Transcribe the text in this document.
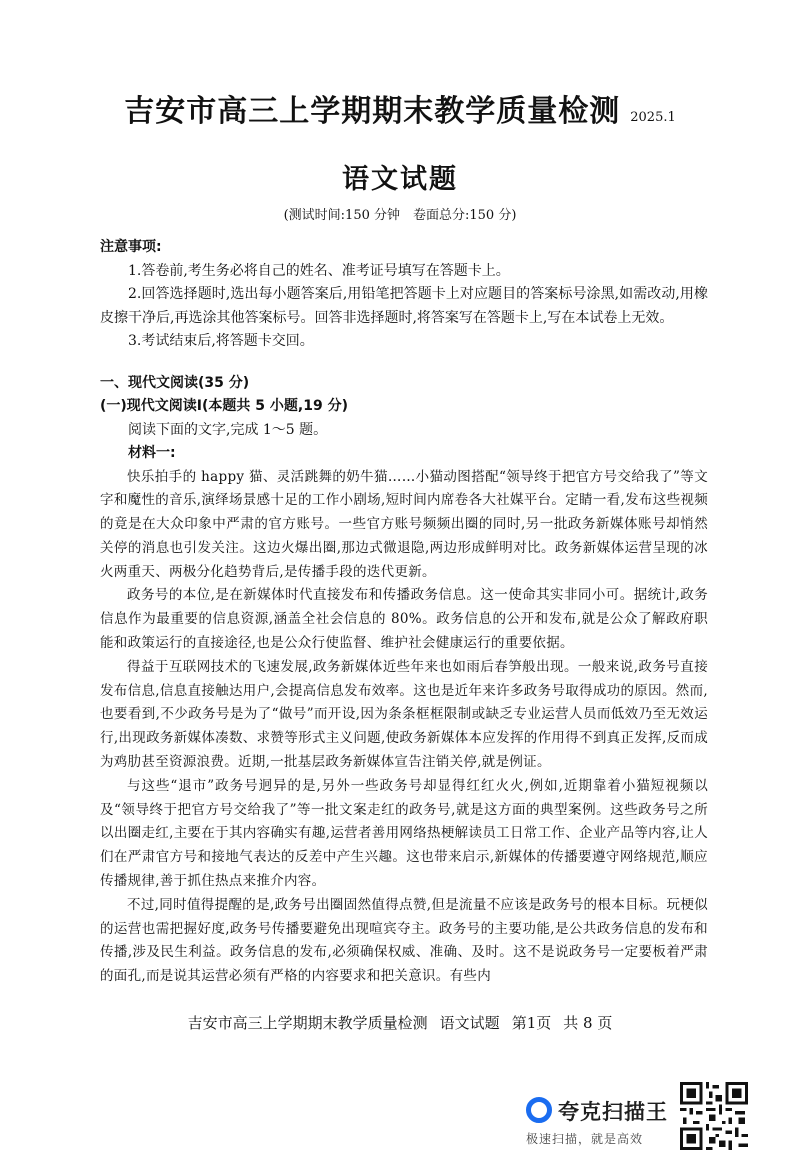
吉安市高三上学期期末教学质量检测 2025.1
语文试题
(测试时间:150 分钟　卷面总分:150 分)

注意事项:

1.答卷前,考生务必将自己的姓名、准考证号填写在答题卡上。

2.回答选择题时,选出每小题答案后,用铅笔把答题卡上对应题目的答案标号涂黑,如需改动,用橡皮擦干净后,再选涂其他答案标号。回答非选择题时,将答案写在答题卡上,写在本试卷上无效。

3.考试结束后,将答题卡交回。

一、现代文阅读(35 分)

(一)现代文阅读Ⅰ(本题共 5 小题,19 分)

阅读下面的文字,完成 1～5 题。

材料一:

快乐拍手的 happy 猫、灵活跳舞的奶牛猫……小猫动图搭配“领导终于把官方号交给我了”等文字和魔性的音乐,演绎场景感十足的工作小剧场,短时间内席卷各大社媒平台。定睛一看,发布这些视频的竟是在大众印象中严肃的官方账号。一些官方账号频频出圈的同时,另一批政务新媒体账号却悄然关停的消息也引发关注。这边火爆出圈,那边式微退隐,两边形成鲜明对比。政务新媒体运营呈现的冰火两重天、两极分化趋势背后,是传播手段的迭代更新。

政务号的本位,是在新媒体时代直接发布和传播政务信息。这一使命其实非同小可。据统计,政务信息作为最重要的信息资源,涵盖全社会信息的 80%。政务信息的公开和发布,就是公众了解政府职能和政策运行的直接途径,也是公众行使监督、维护社会健康运行的重要依据。

得益于互联网技术的飞速发展,政务新媒体近些年来也如雨后春笋般出现。一般来说,政务号直接发布信息,信息直接触达用户,会提高信息发布效率。这也是近年来许多政务号取得成功的原因。然而,也要看到,不少政务号是为了“做号”而开设,因为条条框框限制或缺乏专业运营人员而低效乃至无效运行,出现政务新媒体凑数、求赞等形式主义问题,使政务新媒体本应发挥的作用得不到真正发挥,反而成为鸡肋甚至资源浪费。近期,一批基层政务新媒体宣告注销关停,就是例证。

与这些“退市”政务号迥异的是,另外一些政务号却显得红红火火,例如,近期靠着小猫短视频以及“领导终于把官方号交给我了”等一批文案走红的政务号,就是这方面的典型案例。这些政务号之所以出圈走红,主要在于其内容确实有趣,运营者善用网络热梗解读员工日常工作、企业产品等内容,让人们在严肃官方号和接地气表达的反差中产生兴趣。这也带来启示,新媒体的传播要遵守网络规范,顺应传播规律,善于抓住热点来推介内容。

不过,同时值得提醒的是,政务号出圈固然值得点赞,但是流量不应该是政务号的根本目标。玩梗似的运营也需把握好度,政务号传播要避免出现喧宾夺主。政务号的主要功能,是公共政务信息的发布和传播,涉及民生利益。政务信息的发布,必须确保权威、准确、及时。这不是说政务号一定要板着严肃的面孔,而是说其运营必须有严格的内容要求和把关意识。有些内

吉安市高三上学期期末教学质量检测 语文试题 第1页 共 8 页
夸克扫描王
极速扫描，就是高效
